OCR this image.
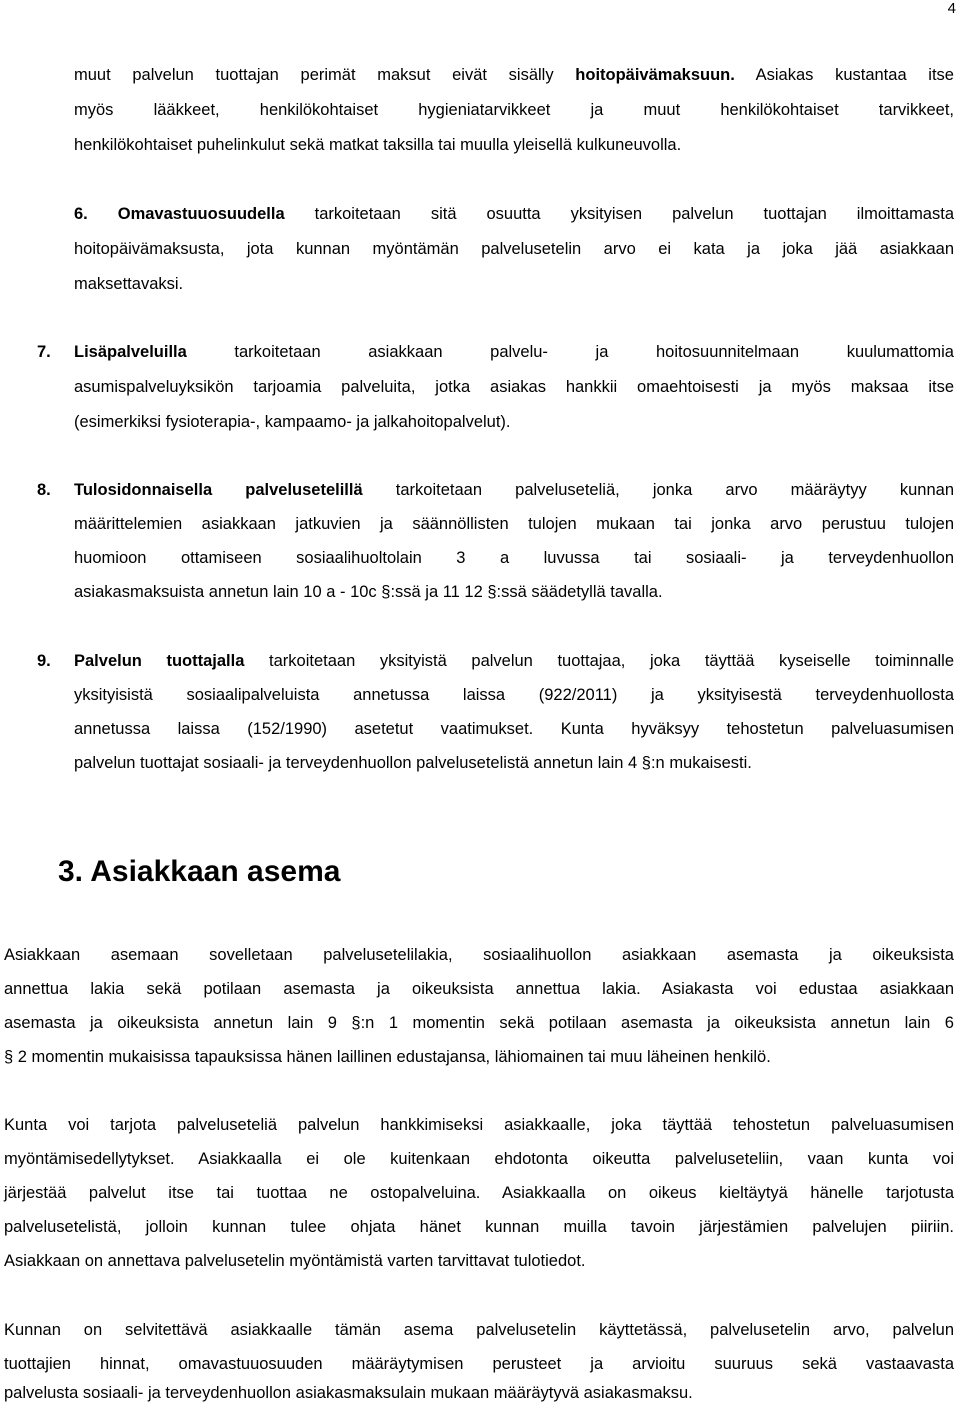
4
muut palvelun tuottajan perimät maksut eivät sisälly hoitopäivämaksuun. Asiakas kustantaa itse
myös lääkkeet, henkilökohtaiset hygieniatarvikkeet ja muut henkilökohtaiset tarvikkeet,
henkilökohtaiset puhelinkulut sekä matkat taksilla tai muulla yleisellä kulkuneuvolla.
6.	Omavastuuosuudella tarkoitetaan sitä osuutta yksityisen palvelun tuottajan ilmoittamasta
hoitopäivämaksusta, jota kunnan myöntämän palvelusetelin arvo ei kata ja joka jää asiakkaan
maksettavaksi.
7. Lisäpalveluilla tarkoitetaan asiakkaan palvelu- ja hoitosuunnitelmaan kuulumattomia
asumispalveluyksikön tarjoamia palveluita, jotka asiakas hankkii omaehtoisesti ja myös maksaa itse
(esimerkiksi fysioterapia-, kampaamo- ja jalkahoitopalvelut).
8. Tulosidonnaisella palvelusetelillä tarkoitetaan palveluseteliä, jonka arvo määräytyy kunnan
määrittelemien asiakkaan jatkuvien ja säännöllisten tulojen mukaan tai jonka arvo perustuu tulojen
huomioon ottamiseen sosiaalihuoltolain 3 a luvussa tai sosiaali- ja terveydenhuollon
asiakasmaksuista annetun lain 10 a - 10c §:ssä ja 11 12 §:ssä säädetyllä tavalla.
9. Palvelun tuottajalla tarkoitetaan yksityistä palvelun tuottajaa, joka täyttää kyseiselle toiminnalle
yksityisistä sosiaalipalveluista annetussa laissa (922/2011) ja yksityisestä terveydenhuollosta
annetussa laissa (152/1990) asetetut vaatimukset. Kunta hyväksyy tehostetun palveluasumisen
palvelun tuottajat sosiaali- ja terveydenhuollon palvelusetelistä annetun lain 4 §:n mukaisesti.
3. Asiakkaan asema
Asiakkaan asemaan sovelletaan palvelusetelilakia, sosiaalihuollon asiakkaan asemasta ja oikeuksista
annettua lakia sekä potilaan asemasta ja oikeuksista annettua lakia. Asiakasta voi edustaa asiakkaan
asemasta ja oikeuksista annetun lain 9 §:n 1 momentin sekä potilaan asemasta ja oikeuksista annetun lain 6
§ 2 momentin mukaisissa tapauksissa hänen laillinen edustajansa, lähiomainen tai muu läheinen henkilö.
Kunta voi tarjota palveluseteliä palvelun hankkimiseksi asiakkaalle, joka täyttää tehostetun palveluasumisen
myöntämisedellytykset. Asiakkaalla ei ole kuitenkaan ehdotonta oikeutta palveluseteliin, vaan kunta voi
järjestää palvelut itse tai tuottaa ne ostopalveluina. Asiakkaalla on oikeus kieltäytyä hänelle tarjotusta
palvelusetelistä, jolloin kunnan tulee ohjata hänet kunnan muilla tavoin järjestämien palvelujen piiriin.
Asiakkaan on annettava palvelusetelin myöntämistä varten tarvittavat tulotiedot.
Kunnan on selvitettävä asiakkaalle tämän asema palvelusetelin käyttetässä, palvelusetelin arvo, palvelun
tuottajien hinnat, omavastuuosuuden määräytymisen perusteet ja arvioitu suuruus sekä vastaavasta
palvelusta sosiaali- ja terveydenhuollon asiakasmaksulain mukaan määräytyvä asiakasmaksu.
